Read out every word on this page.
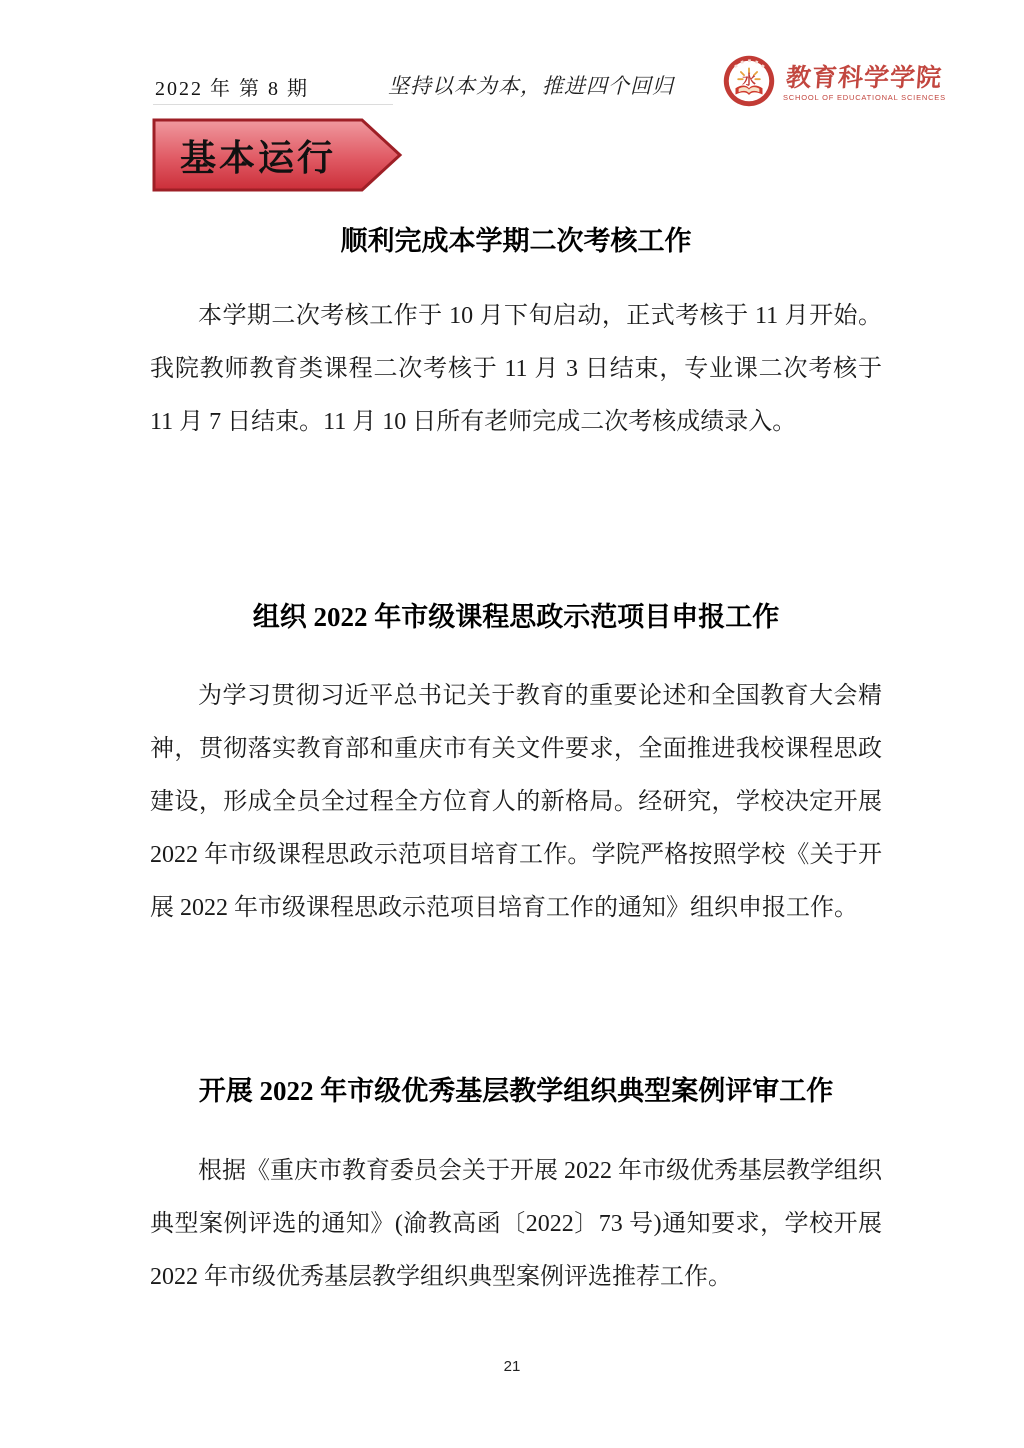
2022 年 第 8 期	坚持以本为本，推进四个回归	水 教育科学学院
SCHOOL OF EDUCATIONAL SCIENCES
基本运行
顺利完成本学期二次考核工作
本学期二次考核工作于 10 月下旬启动，正式考核于 11 月开始。我院教师教育类课程二次考核于 11 月 3 日结束，专业课二次考核于 11 月 7 日结束。11 月 10 日所有老师完成二次考核成绩录入。
组织 2022 年市级课程思政示范项目申报工作
为学习贯彻习近平总书记关于教育的重要论述和全国教育大会精神，贯彻落实教育部和重庆市有关文件要求，全面推进我校课程思政建设，形成全员全过程全方位育人的新格局。经研究，学校决定开展 2022 年市级课程思政示范项目培育工作。学院严格按照学校《关于开展 2022 年市级课程思政示范项目培育工作的通知》组织申报工作。
开展 2022 年市级优秀基层教学组织典型案例评审工作
根据《重庆市教育委员会关于开展 2022 年市级优秀基层教学组织典型案例评选的通知》(渝教高函〔2022〕73 号)通知要求，学校开展 2022 年市级优秀基层教学组织典型案例评选推荐工作。
21
